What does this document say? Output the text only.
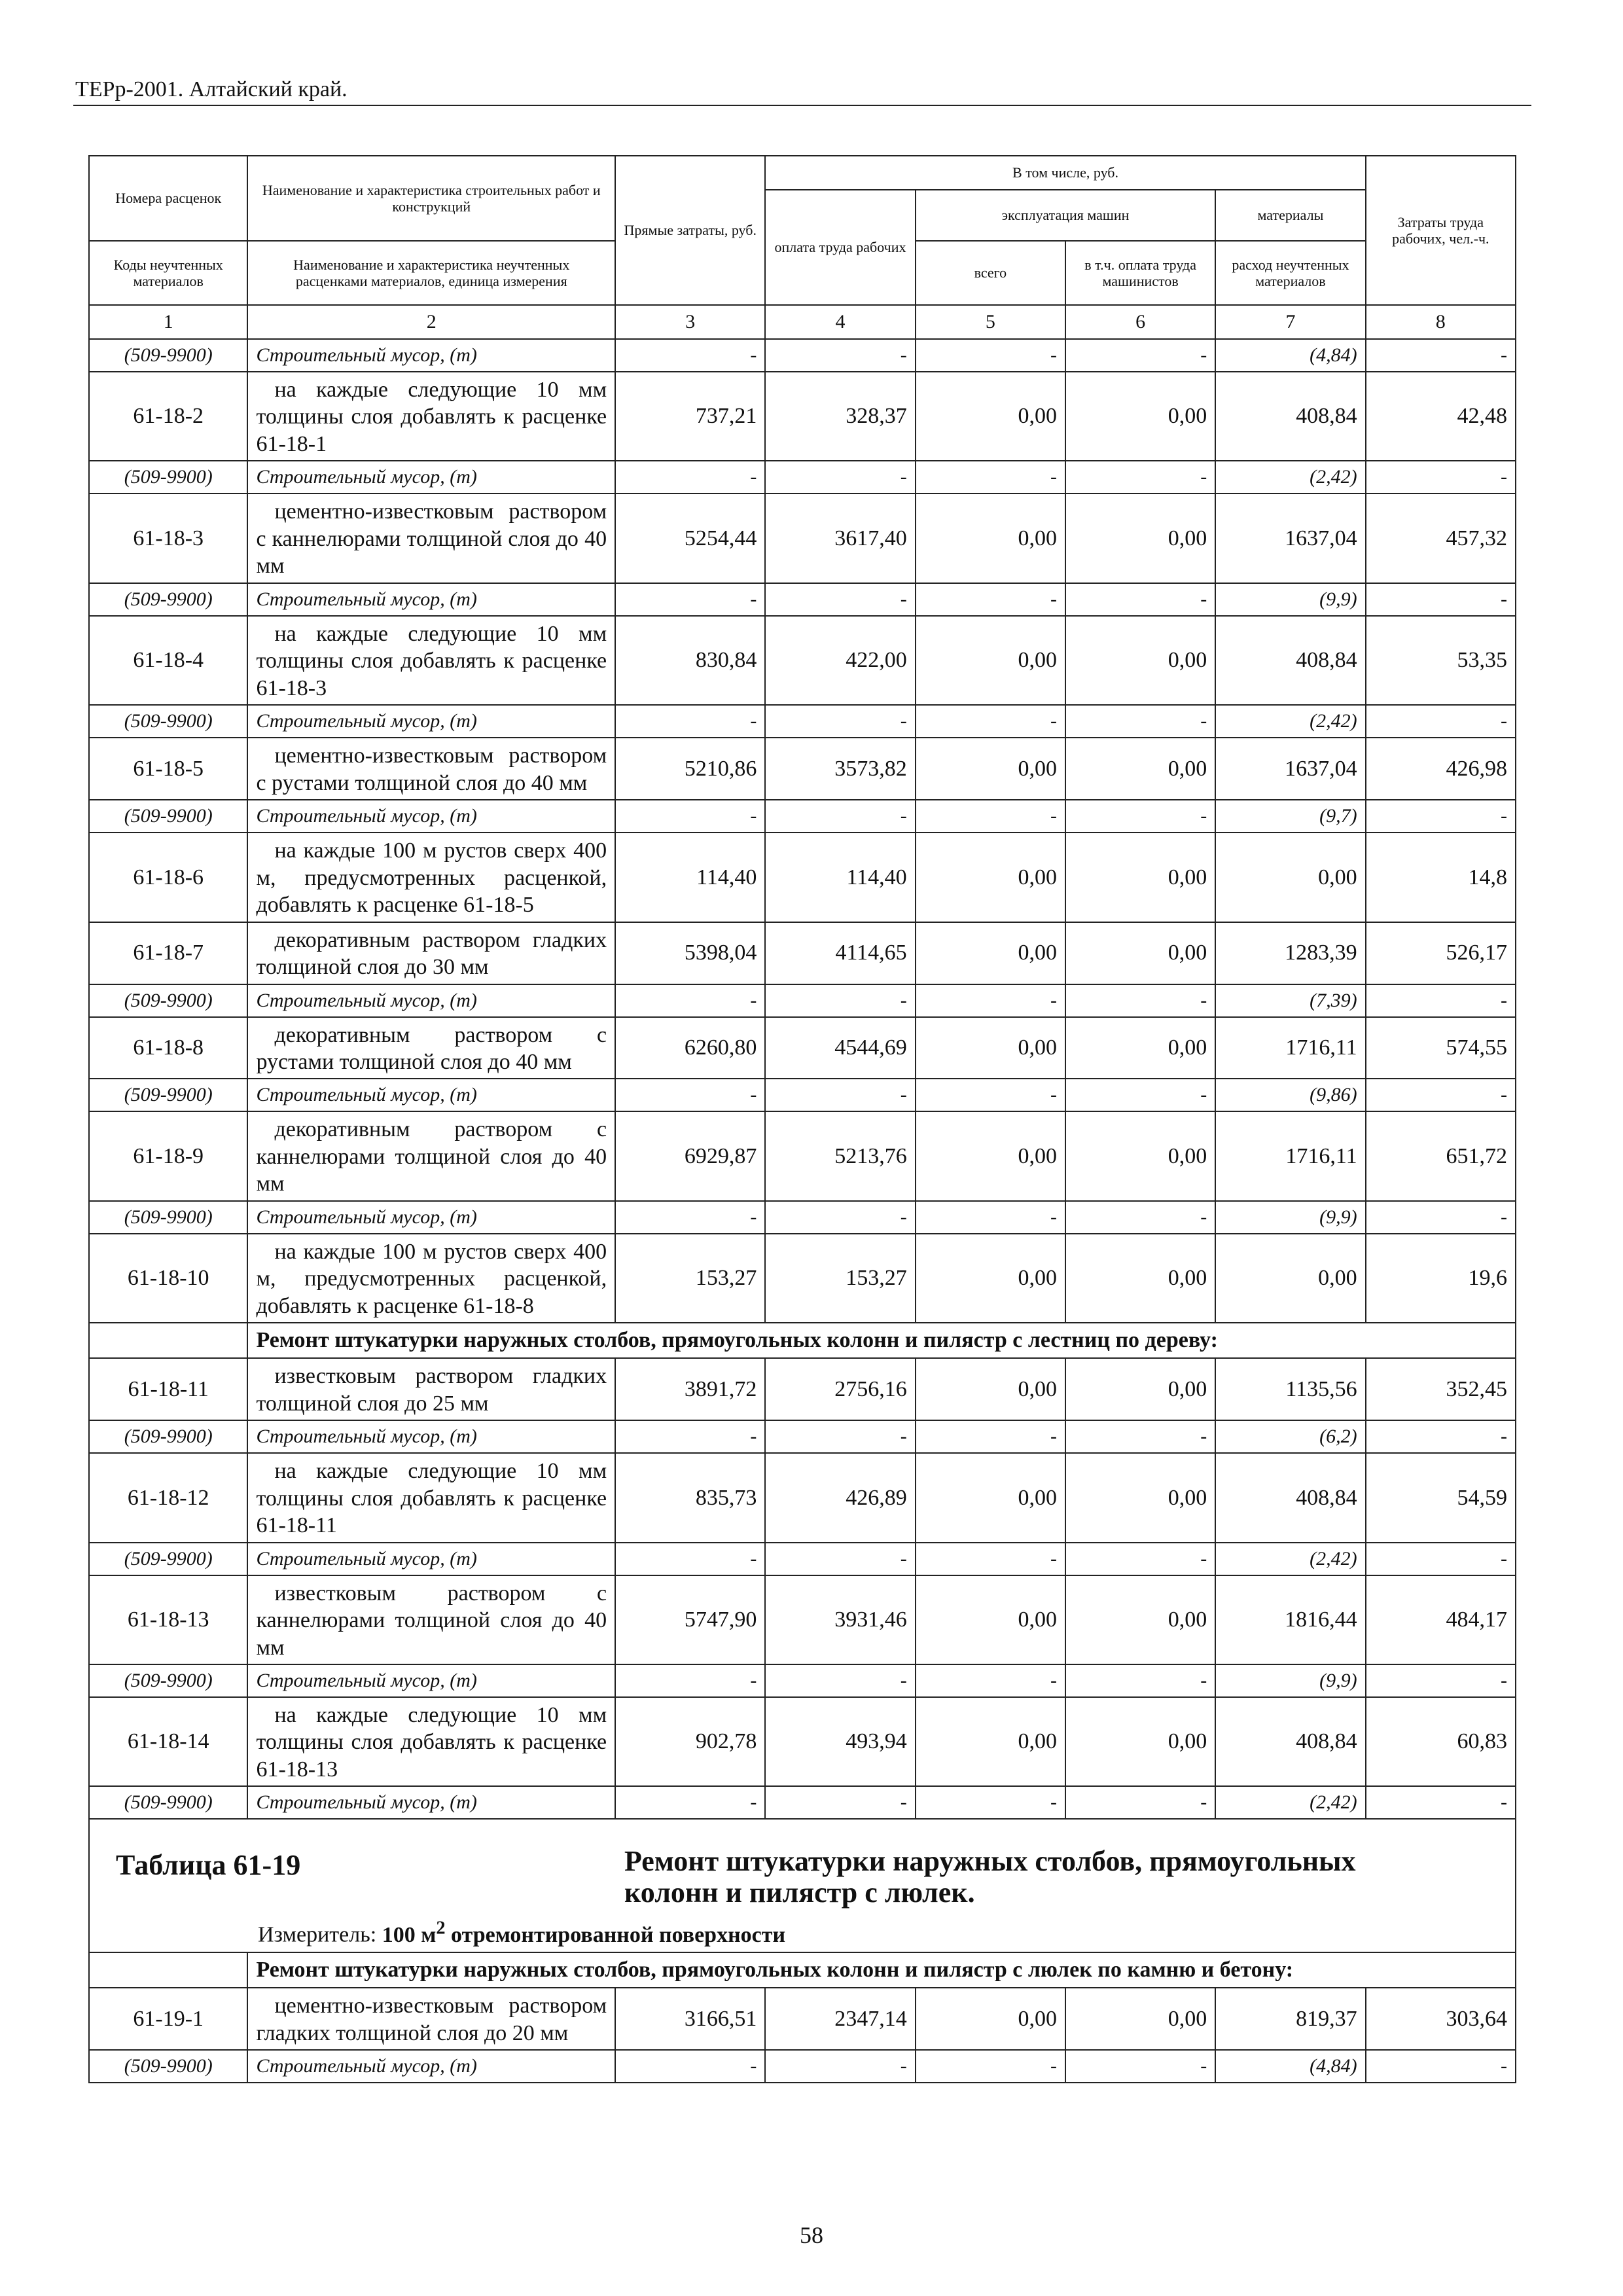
ТЕРр-2001. Алтайский край.
Номера расценок	Наименование и характеристика строительных работ и конструкций	Прямые затраты, руб.	В том числе, руб.				Затраты труда рабочих, чел.-ч.
			оплата труда рабочих	эксплуатация машин		материалы	
Коды неучтенных материалов	Наименование и характеристика неучтенных расценками материалов, единица измерения			всего	в т.ч. оплата труда машинистов	расход неучтенных материалов	
1	2	3	4	5	6	7	8
(509-9900)	Строительный мусор, (т)	-	-	-	-	(4,84)	-
61-18-2	на каждые следующие 10 мм толщины слоя добавлять к расценке 61-18-1	737,21	328,37	0,00	0,00	408,84	42,48
(509-9900)	Строительный мусор, (т)	-	-	-	-	(2,42)	-
61-18-3	цементно-известковым раствором с каннелюрами толщиной слоя до 40 мм	5254,44	3617,40	0,00	0,00	1637,04	457,32
(509-9900)	Строительный мусор, (т)	-	-	-	-	(9,9)	-
61-18-4	на каждые следующие 10 мм толщины слоя добавлять к расценке 61-18-3	830,84	422,00	0,00	0,00	408,84	53,35
(509-9900)	Строительный мусор, (т)	-	-	-	-	(2,42)	-
61-18-5	цементно-известковым раствором с рустами толщиной слоя до 40 мм	5210,86	3573,82	0,00	0,00	1637,04	426,98
(509-9900)	Строительный мусор, (т)	-	-	-	-	(9,7)	-
61-18-6	на каждые 100 м рустов сверх 400 м, предусмотренных расценкой, добавлять к расценке 61-18-5	114,40	114,40	0,00	0,00	0,00	14,8
61-18-7	декоративным раствором гладких толщиной слоя до 30 мм	5398,04	4114,65	0,00	0,00	1283,39	526,17
(509-9900)	Строительный мусор, (т)	-	-	-	-	(7,39)	-
61-18-8	декоративным раствором с рустами толщиной слоя до 40 мм	6260,80	4544,69	0,00	0,00	1716,11	574,55
(509-9900)	Строительный мусор, (т)	-	-	-	-	(9,86)	-
61-18-9	декоративным раствором с каннелюрами толщиной слоя до 40 мм	6929,87	5213,76	0,00	0,00	1716,11	651,72
(509-9900)	Строительный мусор, (т)	-	-	-	-	(9,9)	-
61-18-10	на каждые 100 м рустов сверх 400 м, предусмотренных расценкой, добавлять к расценке 61-18-8	153,27	153,27	0,00	0,00	0,00	19,6
	Ремонт штукатурки наружных столбов, прямоугольных колонн и пилястр с лестниц по дереву:						
61-18-11	известковым раствором гладких толщиной слоя до 25 мм	3891,72	2756,16	0,00	0,00	1135,56	352,45
(509-9900)	Строительный мусор, (т)	-	-	-	-	(6,2)	-
61-18-12	на каждые следующие 10 мм толщины слоя добавлять к расценке 61-18-11	835,73	426,89	0,00	0,00	408,84	54,59
(509-9900)	Строительный мусор, (т)	-	-	-	-	(2,42)	-
61-18-13	известковым раствором с каннелюрами толщиной слоя до 40 мм	5747,90	3931,46	0,00	0,00	1816,44	484,17
(509-9900)	Строительный мусор, (т)	-	-	-	-	(9,9)	-
61-18-14	на каждые следующие 10 мм толщины слоя добавлять к расценке 61-18-13	902,78	493,94	0,00	0,00	408,84	60,83
(509-9900)	Строительный мусор, (т)	-	-	-	-	(2,42)	-

Таблица 61-19 Ремонт штукатурки наружных столбов, прямоугольных колонн и пилястр с люлек.
Измеритель: 100 $м^2$ отремонтированной поверхности							

	Ремонт штукатурки наружных столбов, прямоугольных колонн и пилястр с люлек по камню и бетону:						
61-19-1	цементно-известковым раствором гладких толщиной слоя до 20 мм	3166,51	2347,14	0,00	0,00	819,37	303,64
(509-9900)	Строительный мусор, (т)	-	-	-	-	(4,84)	-
58
